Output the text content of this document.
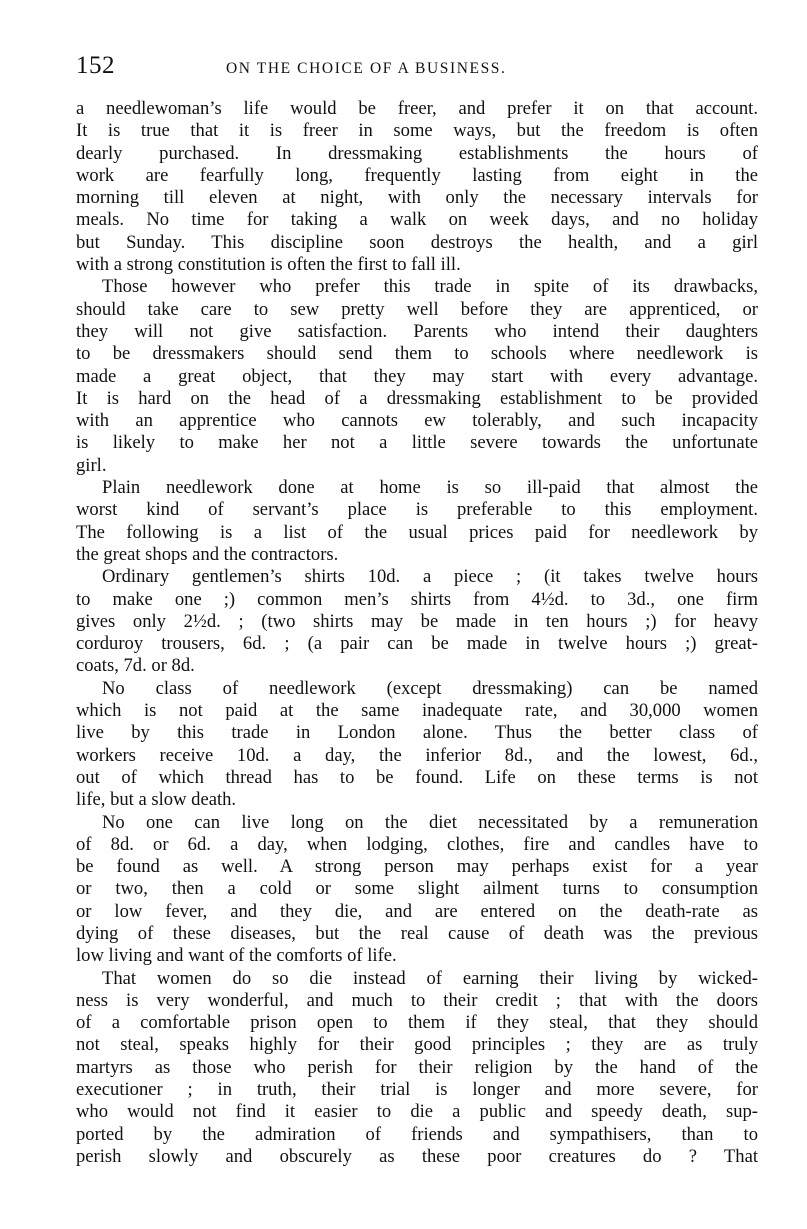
152	ON THE CHOICE OF A BUSINESS.
a needlewoman’s life would be freer, and prefer it on that account.
It is true that it is freer in some ways, but the freedom is often
dearly purchased. In dressmaking establishments the hours of
work are fearfully long, frequently lasting from eight in the
morning till eleven at night, with only the necessary intervals for
meals. No time for taking a walk on week days, and no holiday
but Sunday. This discipline soon destroys the health, and a girl
with a strong constitution is often the first to fall ill.
Those however who prefer this trade in spite of its drawbacks,
should take care to sew pretty well before they are apprenticed, or
they will not give satisfaction. Parents who intend their daughters
to be dressmakers should send them to schools where needlework is
made a great object, that they may start with every advantage.
It is hard on the head of a dressmaking establishment to be provided
with an apprentice who cannots ew tolerably, and such incapacity
is likely to make her not a little severe towards the unfortunate
girl.
Plain needlework done at home is so ill-paid that almost the
worst kind of servant’s place is preferable to this employment.
The following is a list of the usual prices paid for needlework by
the great shops and the contractors.
Ordinary gentlemen’s shirts 10d. a piece ; (it takes twelve hours
to make one ;) common men’s shirts from 4½d. to 3d., one firm
gives only 2½d. ; (two shirts may be made in ten hours ;) for heavy
corduroy trousers, 6d. ; (a pair can be made in twelve hours ;) great-
coats, 7d. or 8d.
No class of needlework (except dressmaking) can be named
which is not paid at the same inadequate rate, and 30,000 women
live by this trade in London alone. Thus the better class of
workers receive 10d. a day, the inferior 8d., and the lowest, 6d.,
out of which thread has to be found. Life on these terms is not
life, but a slow death.
No one can live long on the diet necessitated by a remuneration
of 8d. or 6d. a day, when lodging, clothes, fire and candles have to
be found as well. A strong person may perhaps exist for a year
or two, then a cold or some slight ailment turns to consumption
or low fever, and they die, and are entered on the death-rate as
dying of these diseases, but the real cause of death was the previous
low living and want of the comforts of life.
That women do so die instead of earning their living by wicked-
ness is very wonderful, and much to their credit ; that with the doors
of a comfortable prison open to them if they steal, that they should
not steal, speaks highly for their good principles ; they are as truly
martyrs as those who perish for their religion by the hand of the
executioner ; in truth, their trial is longer and more severe, for
who would not find it easier to die a public and speedy death, sup-
ported by the admiration of friends and sympathisers, than to
perish slowly and obscurely as these poor creatures do ? That
